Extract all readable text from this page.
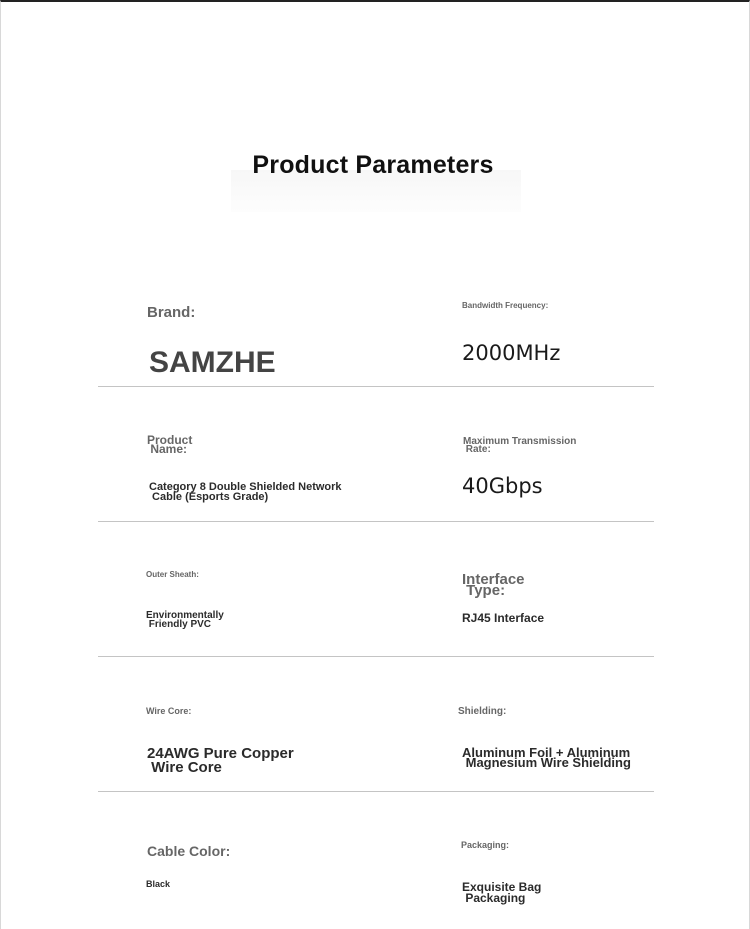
Product Parameters
Brand:
SAMZHE
Bandwidth Frequency:
2000MHz
Product
Name:
Category 8 Double Shielded Network
Cable (Esports Grade)
Maximum Transmission
Rate:
40Gbps
Outer Sheath:
Environmentally
Friendly PVC
Interface
Type:
RJ45 Interface
Wire Core:
24AWG Pure Copper
Wire Core
Shielding:
Aluminum Foil + Aluminum
Magnesium Wire Shielding
Cable Color:
Black
Packaging:
Exquisite Bag
Packaging
